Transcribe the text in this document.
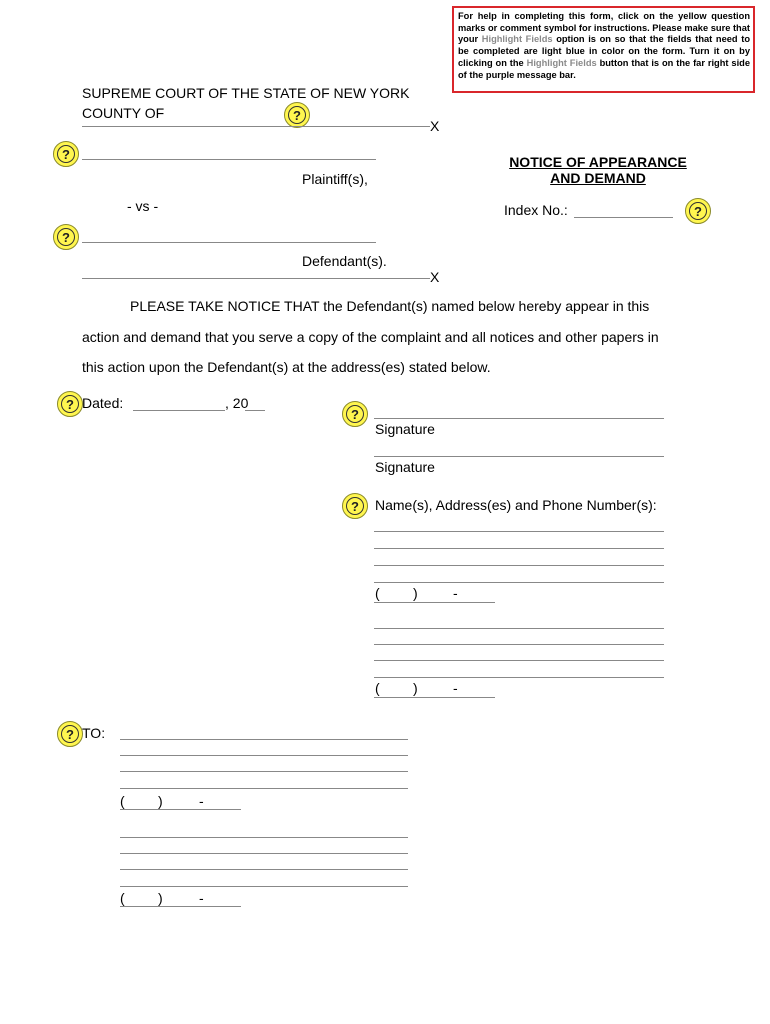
For help in completing this form, click on the yellow question marks or comment symbol for instructions. Please make sure that your Highlight Fields option is on so that the fields that need to be completed are light blue in color on the form. Turn it on by clicking on the Highlight Fields button that is on the far right side of the purple message bar.
SUPREME COURT OF THE STATE OF NEW YORK
COUNTY OF	?
X
?
Plaintiff(s),
NOTICE OF APPEARANCE
AND DEMAND
- vs -	Index No.:	?
?
Defendant(s).
X
PLEASE TAKE NOTICE THAT the Defendant(s) named below hereby appear in this
action and demand that you serve a copy of the complaint and all notices and other papers in
this action upon the Defendant(s) at the address(es) stated below.
? Dated:	, 20
?
Signature
Signature
?	Name(s), Address(es) and Phone Number(s):
( )	-
( )	-
? TO:
( )	-
( )	-
